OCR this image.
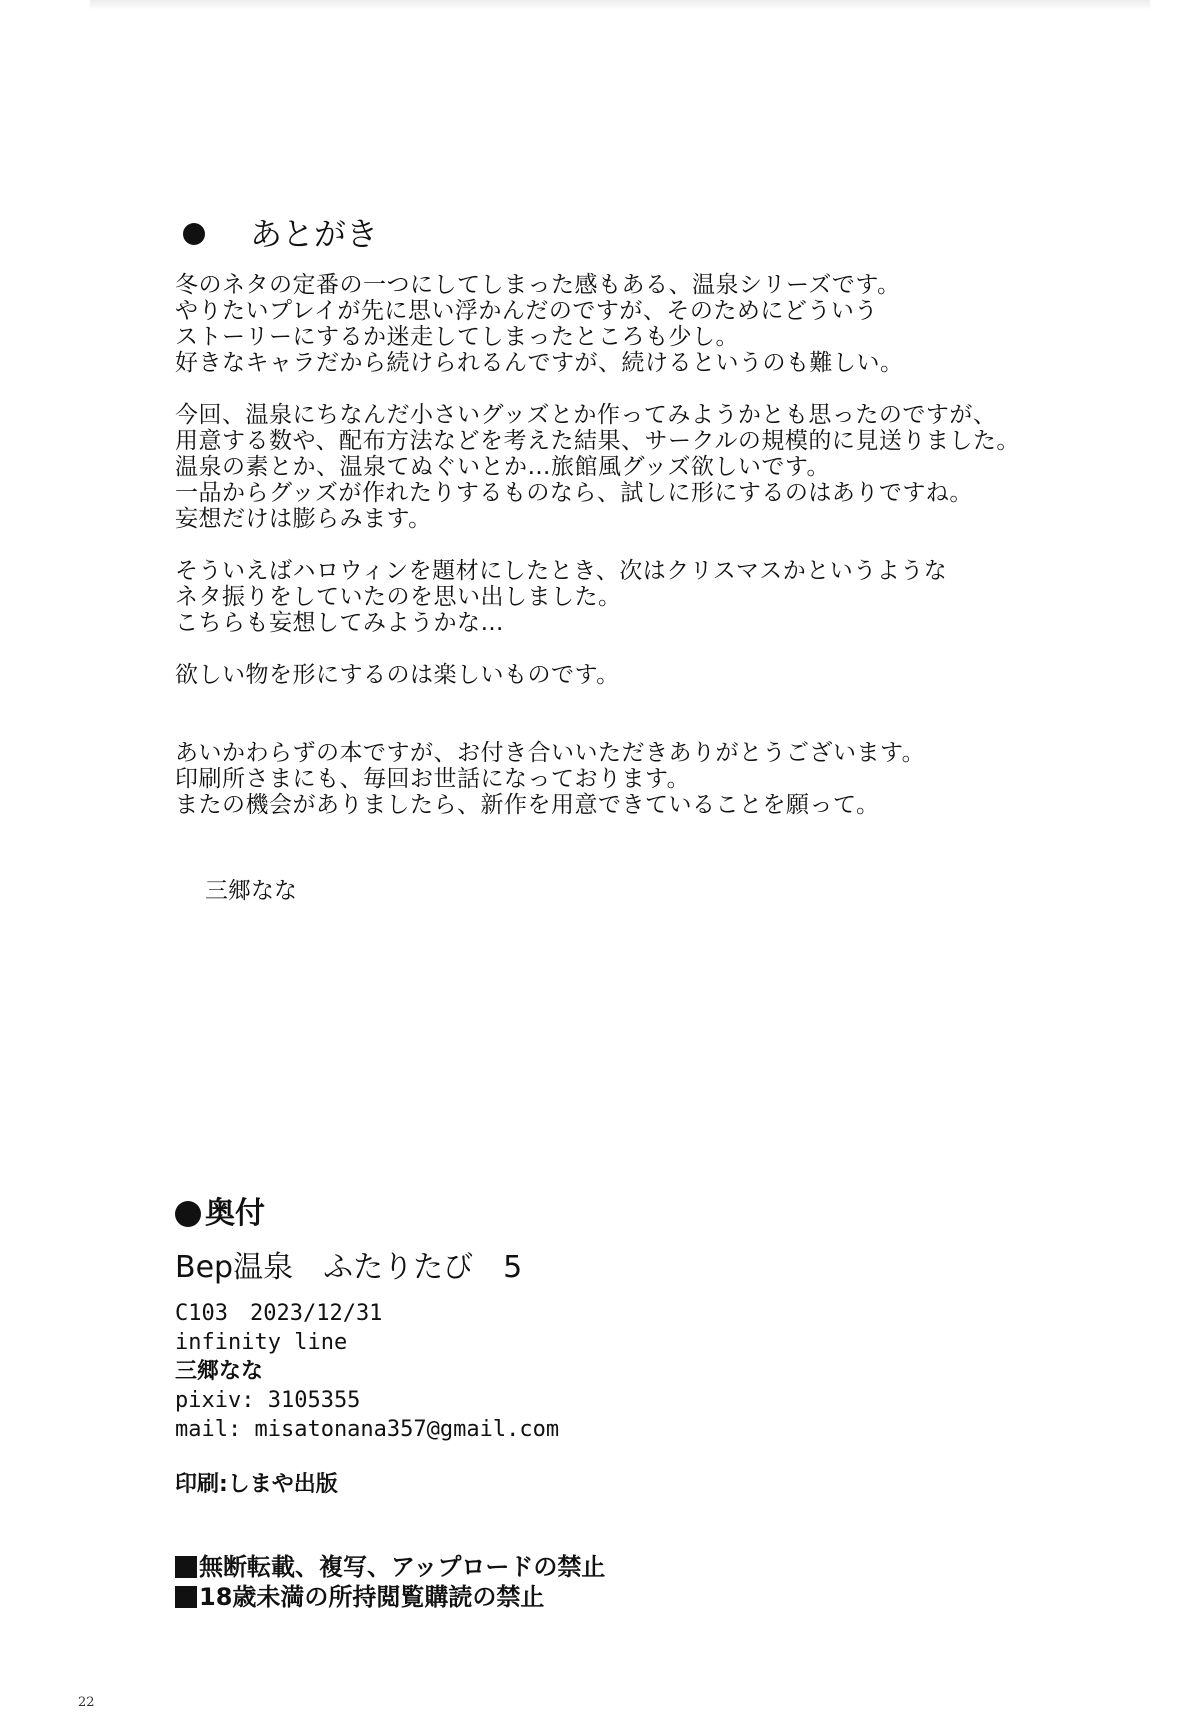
あとがき
冬のネタの定番の一つにしてしまった感もある、温泉シリーズです。
やりたいプレイが先に思い浮かんだのですが、そのためにどういう
ストーリーにするか迷走してしまったところも少し。
好きなキャラだから続けられるんですが、続けるというのも難しい。
今回、温泉にちなんだ小さいグッズとか作ってみようかとも思ったのですが、
用意する数や、配布方法などを考えた結果、サークルの規模的に見送りました。
温泉の素とか、温泉てぬぐいとか…旅館風グッズ欲しいです。
一品からグッズが作れたりするものなら、試しに形にするのはありですね。
妄想だけは膨らみます。
そういえばハロウィンを題材にしたとき、次はクリスマスかというような
ネタ振りをしていたのを思い出しました。
こちらも妄想してみようかな…
欲しい物を形にするのは楽しいものです。
あいかわらずの本ですが、お付き合いいただきありがとうございます。
印刷所さまにも、毎回お世話になっております。
またの機会がありましたら、新作を用意できていることを願って。
三郷なな
奥付
Bep温泉　ふたりたび　5
C103　2023/12/31
infinity line
三郷なな
pixiv: 3105355
mail: misatonana357@gmail.com
印刷:しまや出版
無断転載、複写、アップロードの禁止
18歳未満の所持閲覧購読の禁止
22
